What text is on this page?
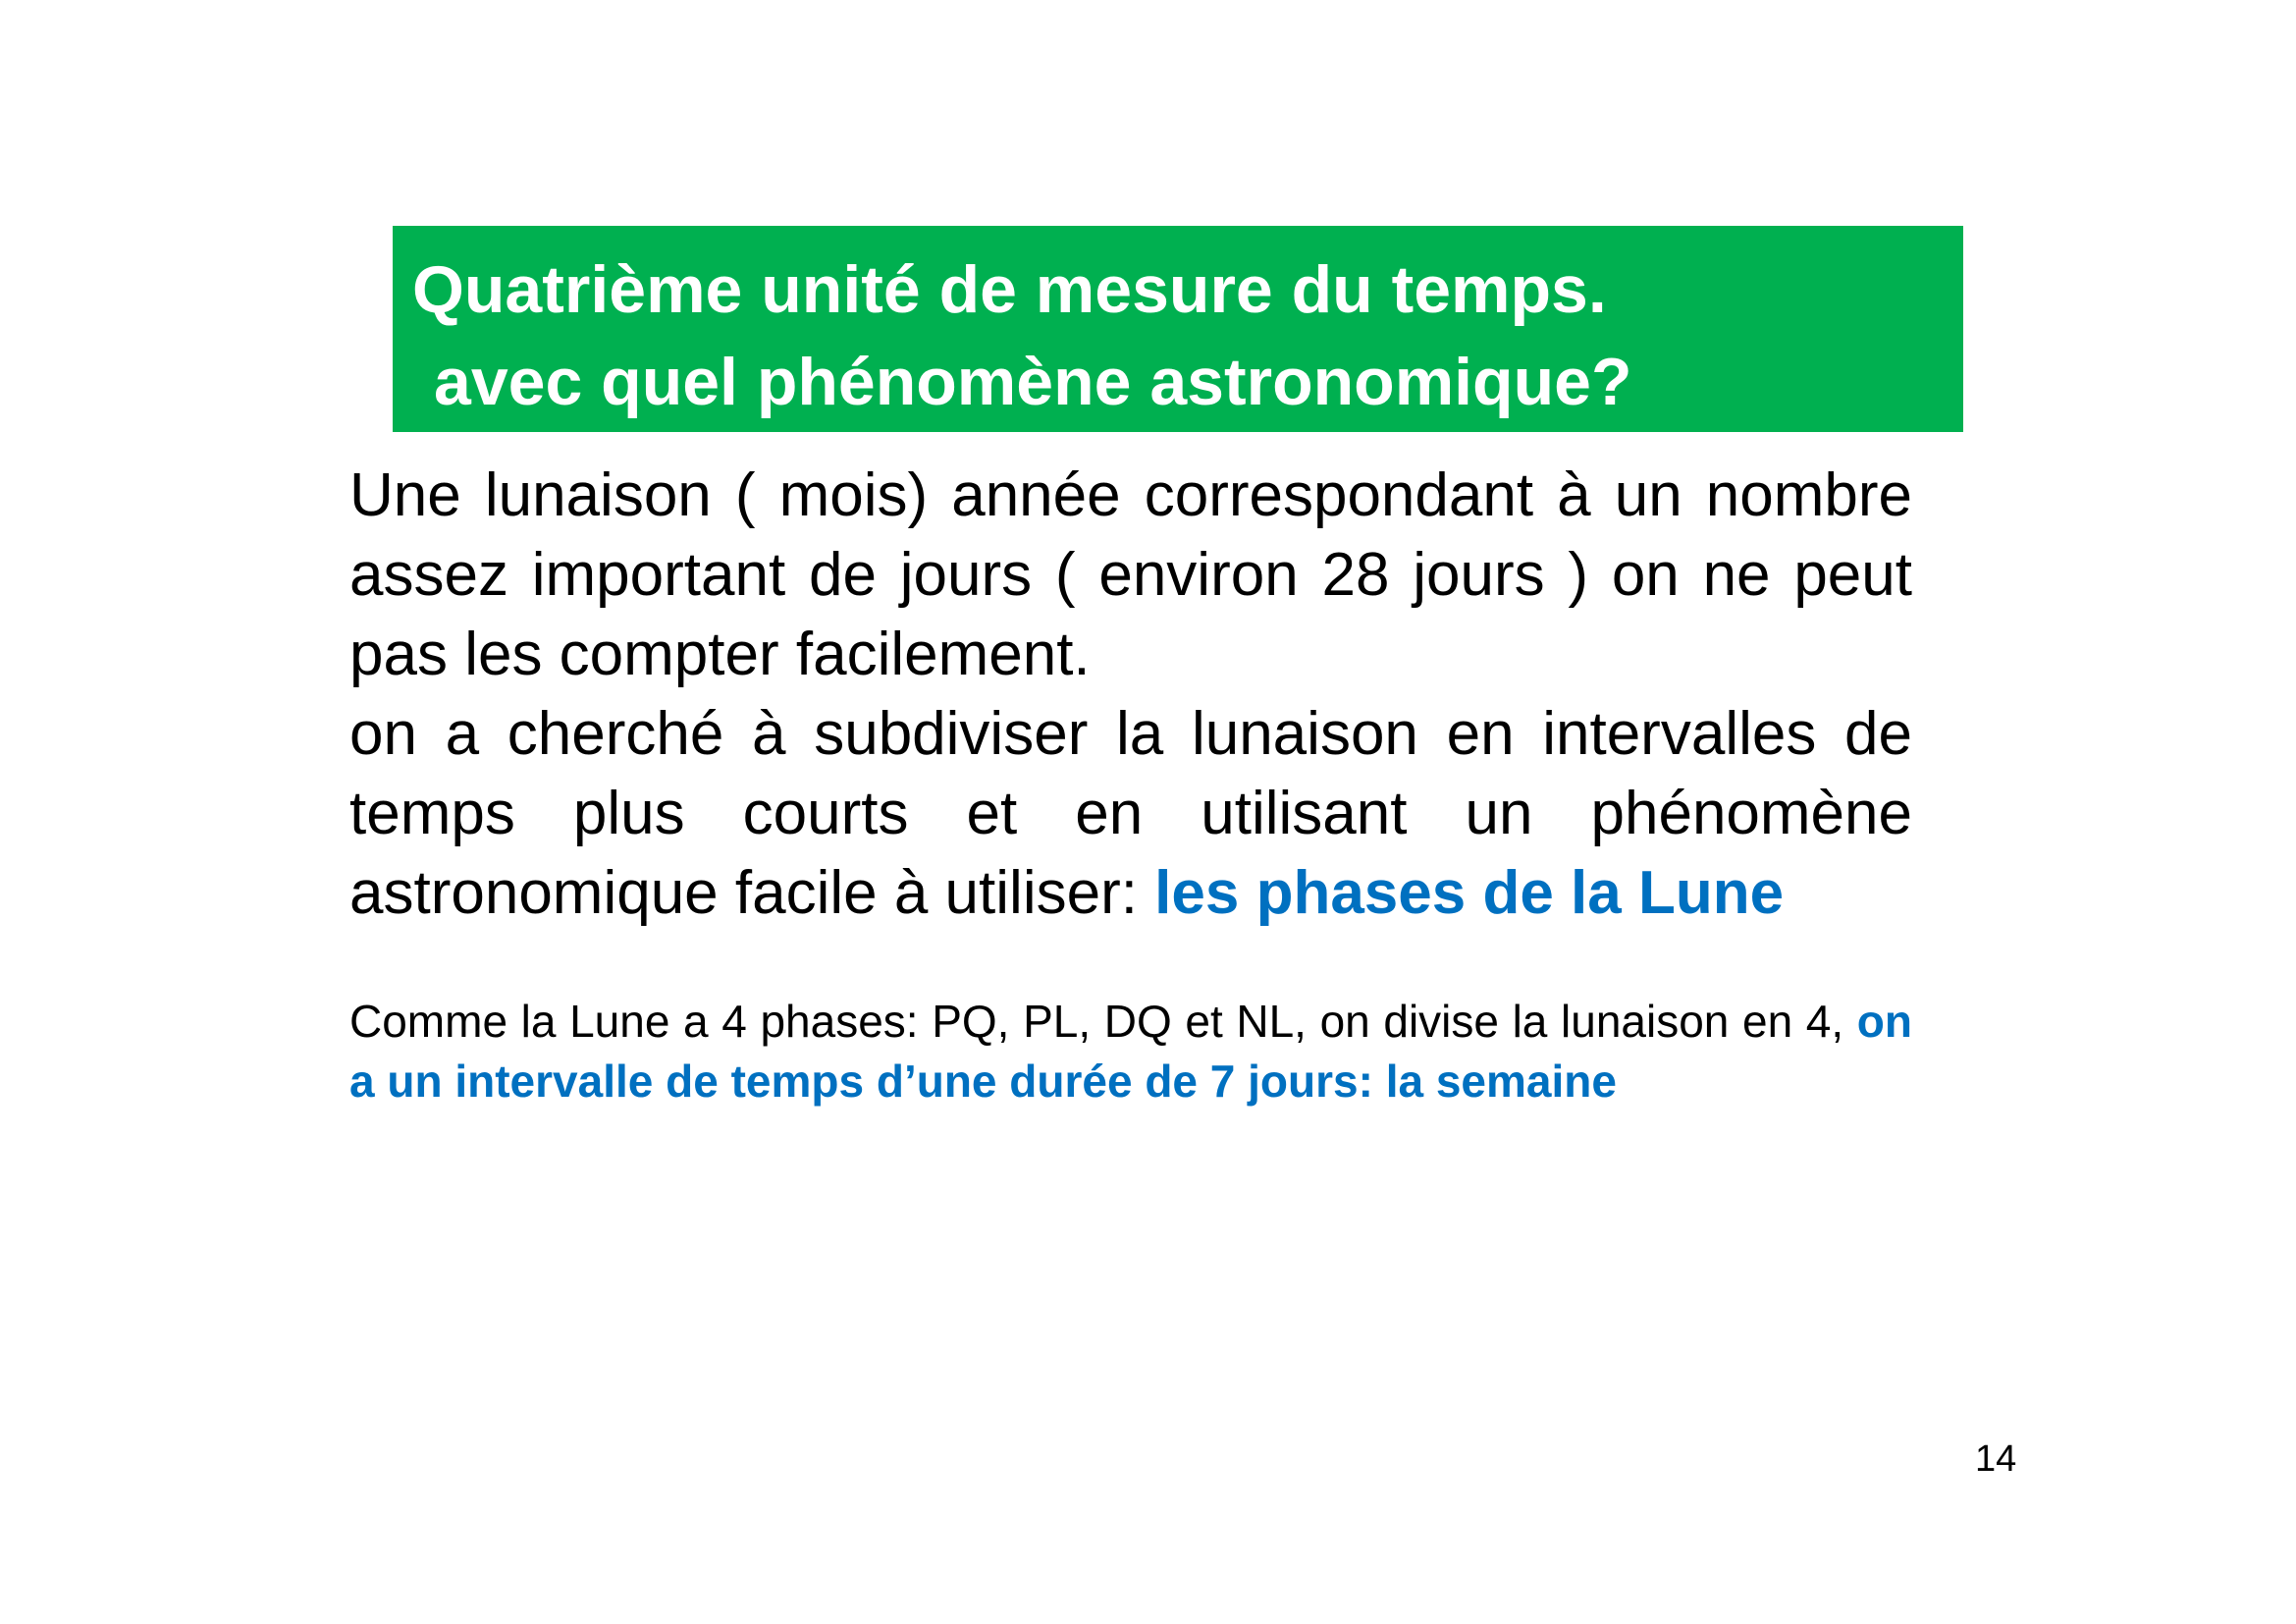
Quatrième unité de mesure du temps.
avec quel phénomène astronomique?

Une lunaison ( mois) année correspondant à un nombre assez important de jours ( environ 28 jours ) on ne peut pas les compter facilement.

on a cherché à subdiviser la lunaison en intervalles de temps plus courts et en utilisant un phénomène astronomique facile à utiliser: les phases de la Lune

Comme la Lune a 4 phases: PQ, PL, DQ et NL, on divise la lunaison en 4, on a un intervalle de temps d’une durée de 7 jours: la semaine
14
